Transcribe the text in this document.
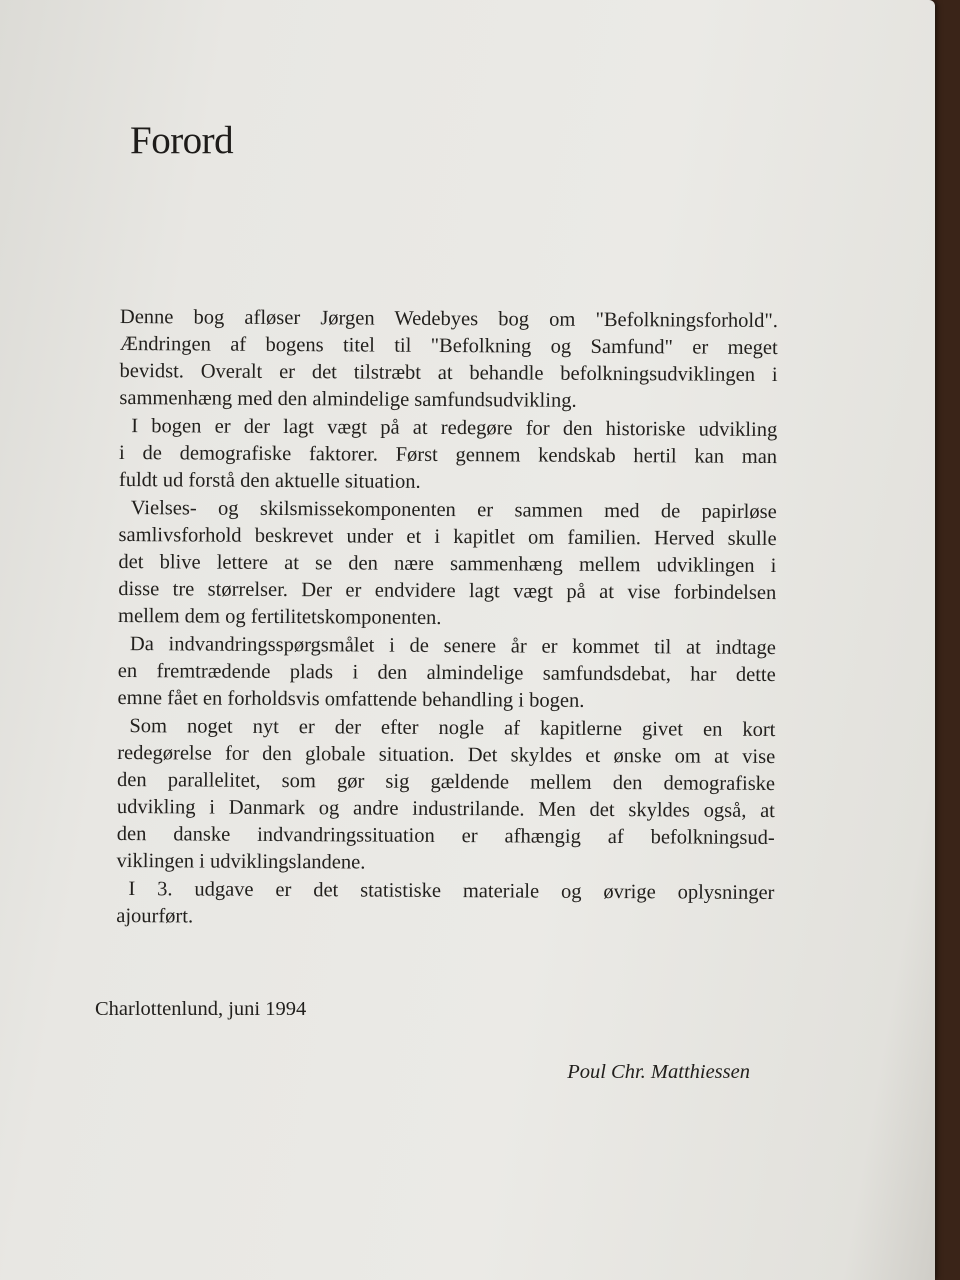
Forord
Denne bog afløser Jørgen Wedebyes bog om "Befolkningsforhold".
Ændringen af bogens titel til "Befolkning og Samfund" er meget
bevidst. Overalt er det tilstræbt at behandle befolkningsudviklingen i
sammenhæng med den almindelige samfundsudvikling.
I bogen er der lagt vægt på at redegøre for den historiske udvikling
i de demografiske faktorer. Først gennem kendskab hertil kan man
fuldt ud forstå den aktuelle situation.
Vielses- og skilsmissekomponenten er sammen med de papirløse
samlivsforhold beskrevet under et i kapitlet om familien. Herved skulle
det blive lettere at se den nære sammenhæng mellem udviklingen i
disse tre størrelser. Der er endvidere lagt vægt på at vise forbindelsen
mellem dem og fertilitetskomponenten.
Da indvandringsspørgsmålet i de senere år er kommet til at indtage
en fremtrædende plads i den almindelige samfundsdebat, har dette
emne fået en forholdsvis omfattende behandling i bogen.
Som noget nyt er der efter nogle af kapitlerne givet en kort
redegørelse for den globale situation. Det skyldes et ønske om at vise
den parallelitet, som gør sig gældende mellem den demografiske
udvikling i Danmark og andre industrilande. Men det skyldes også, at
den danske indvandringssituation er afhængig af befolkningsud-
viklingen i udviklingslandene.
I 3. udgave er det statistiske materiale og øvrige oplysninger
ajourført.
Charlottenlund, juni 1994
Poul Chr. Matthiessen
